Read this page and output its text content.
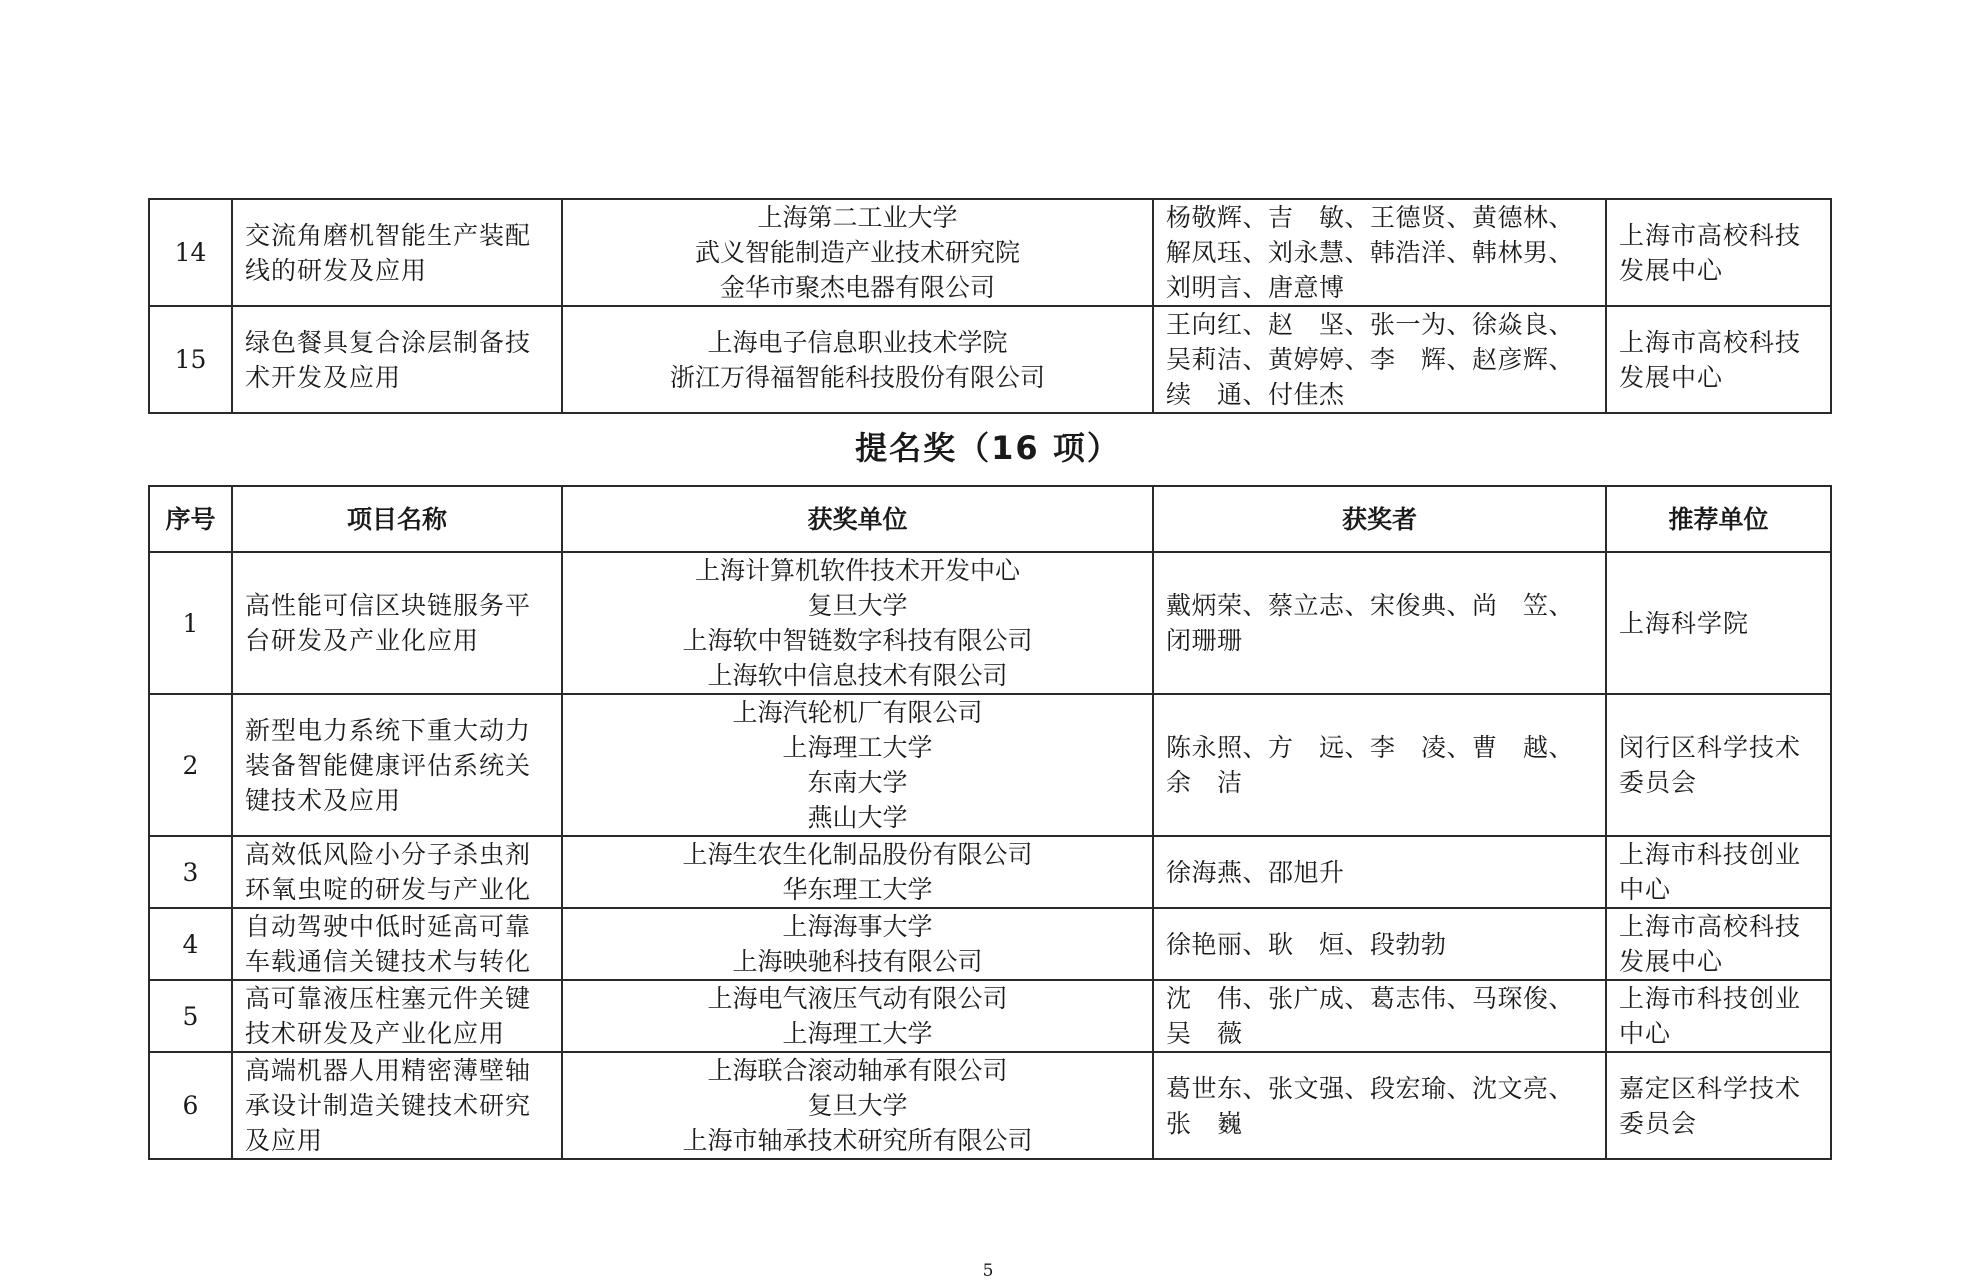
14	交流角磨机智能生产装配
线的研发及应用	上海第二工业大学
武义智能制造产业技术研究院
金华市聚杰电器有限公司	杨敬辉、吉　敏、王德贤、黄德林、
解凤珏、刘永慧、韩浩洋、韩林男、
刘明言、唐意博	上海市高校科技
发展中心

15	绿色餐具复合涂层制备技
术开发及应用	上海电子信息职业技术学院
浙江万得福智能科技股份有限公司	王向红、赵　坚、张一为、徐焱良、
吴莉洁、黄婷婷、李　辉、赵彦辉、
续　通、付佳杰	上海市高校科技
发展中心
提名奖（16 项）
序号	项目名称	获奖单位	获奖者	推荐单位
1	高性能可信区块链服务平
台研发及产业化应用	上海计算机软件技术开发中心
复旦大学
上海软中智链数字科技有限公司
上海软中信息技术有限公司	戴炳荣、蔡立志、宋俊典、尚　笠、
闭珊珊	上海科学院

2	新型电力系统下重大动力
装备智能健康评估系统关
键技术及应用	上海汽轮机厂有限公司
上海理工大学
东南大学
燕山大学	陈永照、方　远、李　凌、曹　越、
余　洁	闵行区科学技术
委员会

3	高效低风险小分子杀虫剂
环氧虫啶的研发与产业化	上海生农生化制品股份有限公司
华东理工大学	徐海燕、邵旭升	上海市科技创业
中心

4	自动驾驶中低时延高可靠
车载通信关键技术与转化	上海海事大学
上海映驰科技有限公司	徐艳丽、耿　烜、段勃勃	上海市高校科技
发展中心

5	高可靠液压柱塞元件关键
技术研发及产业化应用	上海电气液压气动有限公司
上海理工大学	沈　伟、张广成、葛志伟、马琛俊、
吴　薇	上海市科技创业
中心

6	高端机器人用精密薄壁轴
承设计制造关键技术研究
及应用	上海联合滚动轴承有限公司
复旦大学
上海市轴承技术研究所有限公司	葛世东、张文强、段宏瑜、沈文亮、
张　巍	嘉定区科学技术
委员会
5
